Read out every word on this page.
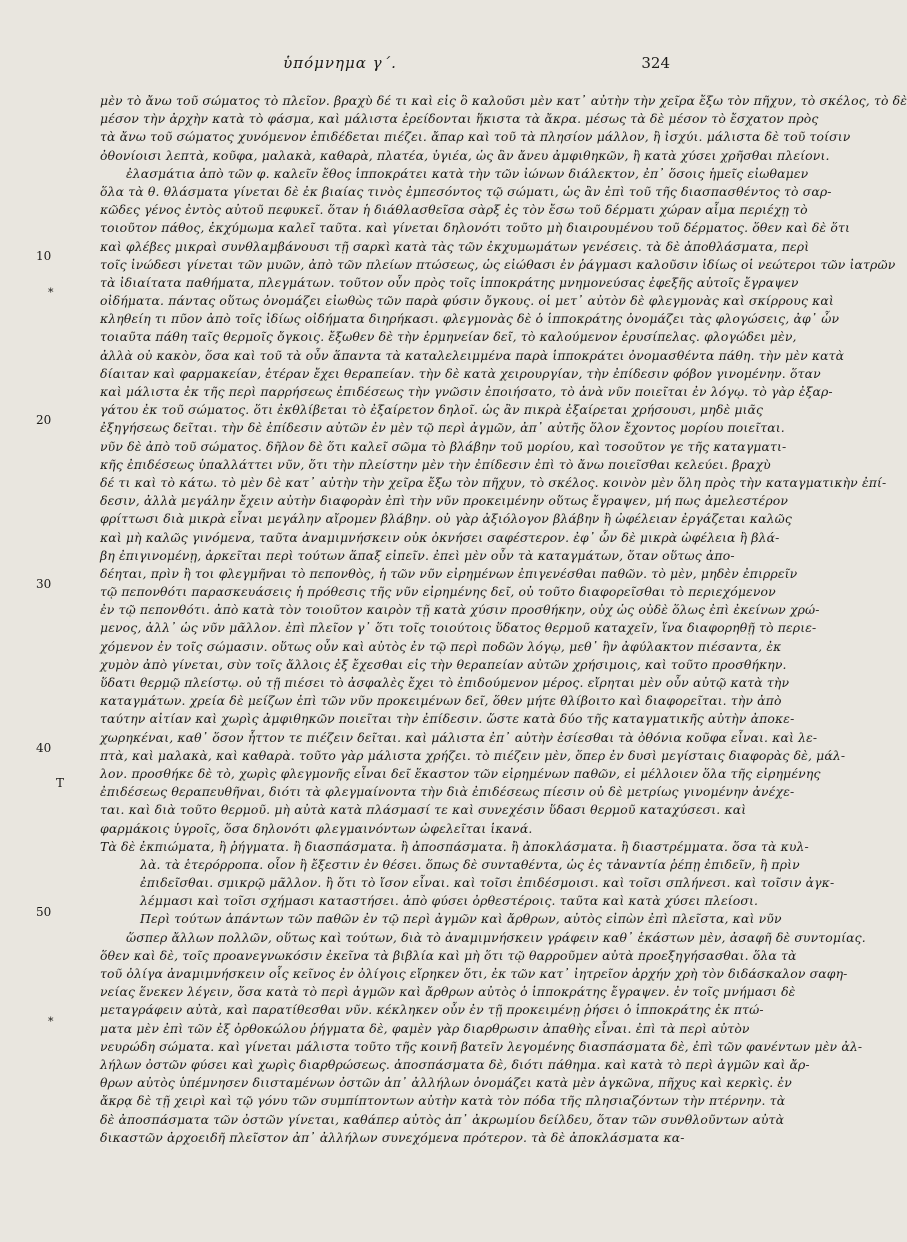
ὑπόμνημα γ΄.	324
10
20
30
40
50
*
T
*
μὲν τὸ ἄνω τοῦ σώματος τὸ πλεῖον. βραχὺ δέ τι καὶ εἰς ὃ καλοῦσι μὲν κατ᾽ αὐτὴν τὴν χεῖρα ἔξω τὸν πῆχυν, τὸ σκέλος, τὸ δὲ
μέσον τὴν ἀρχὴν κατὰ τὸ φάσμα, καὶ μάλιστα ἐρείδονται ἥκιστα τὰ ἄκρα. μέσως τὰ δὲ μέσον τὸ ἔσχατον πρὸς
τὰ ἄνω τοῦ σώματος χυνόμενον ἐπιδέδεται πιέζει. ἄπαρ καὶ τοῦ τὰ πλησίον μάλλον, ἢ ἰσχύι. μάλιστα δὲ τοῦ τοίσιν
ὀθονίοισι λεπτὰ, κοῦφα, μαλακὰ, καθαρὰ, πλατέα, ὑγιέα, ὡς ἂν ἄνευ ἀμφιθηκῶν, ἢ κατὰ χύσει χρῆσθαι πλείονι.
ἐλασμάτια ἀπὸ τῶν φ. καλεῖν ἔθος ἱπποκράτει κατὰ τὴν τῶν ἰώνων διάλεκτον, ἐπ᾽ ὅσοις ἡμεῖς εἰωθαμεν
ὅλα τὰ θ. θλάσματα γίνεται δὲ ἐκ βιαίας τινὸς ἐμπεσόντος τῷ σώματι, ὡς ἂν ἐπὶ τοῦ τῆς διασπασθέντος τὸ σαρ-
κῶδες γένος ἐντὸς αὐτοῦ πεφυκεῖ. ὅταν ἡ διάθλασθεῖσα σὰρξ ἐς τὸν ἔσω τοῦ δέρματι χώραν αἷμα περιέχῃ τὸ
τοιοῦτον πάθος, ἐκχύμωμα καλεῖ ταῦτα. καὶ γίνεται δηλονότι τοῦτο μὴ διαιρουμένου τοῦ δέρματος. ὅθεν καὶ δὲ ὅτι
καὶ φλέβες μικραὶ συνθλαμβάνουσι τῇ σαρκὶ κατὰ τὰς τῶν ἐκχυμωμάτων γενέσεις. τὰ δὲ ἀποθλάσματα, περὶ
τοῖς ἰνώδεσι γίνεται τῶν μυῶν, ἀπὸ τῶν πλείων πτώσεως, ὡς εἰώθασι ἐν ῥάγμασι καλοῦσιν ἰδίως οἱ νεώτεροι τῶν ἰατρῶν
τὰ ἰδιαίτατα παθήματα, πλεγμάτων. τοῦτον οὖν πρὸς τοῖς ἱπποκράτης μνημονεύσας ἐφεξῆς αὐτοῖς ἔγραψεν
οἰδήματα. πάντας οὕτως ὀνομάζει εἰωθὼς τῶν παρὰ φύσιν ὄγκους. οἱ μετ᾽ αὐτὸν δὲ φλεγμονὰς καὶ σκίρρους καὶ
κληθείη τι πῦον ἀπὸ τοῖς ἰδίως οἰδήματα διηρήκασι. φλεγμονὰς δὲ ὁ ἱπποκράτης ὀνομάζει τὰς φλογώσεις, ἀφ᾽ ὧν
τοιαῦτα πάθη ταῖς θερμοῖς ὄγκοις. ἔξωθεν δὲ τὴν ἑρμηνείαν δεῖ, τὸ καλούμενον ἐρυσίπελας. φλογώδει μὲν,
ἀλλὰ οὐ κακὸν, ὅσα καὶ τοῦ τὰ οὖν ἅπαντα τὰ καταλελειμμένα παρὰ ἱπποκράτει ὀνομασθέντα πάθη. τὴν μὲν κατὰ
δίαιταν καὶ φαρμακείαν, ἑτέραν ἔχει θεραπείαν. τὴν δὲ κατὰ χειρουργίαν, τὴν ἐπίδεσιν φόβον γινομένην. ὅταν
καὶ μάλιστα ἐκ τῆς περὶ παρρήσεως ἐπιδέσεως τὴν γνῶσιν ἐποιήσατο, τὸ ἀνὰ νῦν ποιεῖται ἐν λόγῳ. τὸ γὰρ ἐξαρ-
γάτου ἐκ τοῦ σώματος. ὅτι ἐκθλίβεται τὸ ἐξαίρετον δηλοῖ. ὡς ἂν πικρὰ ἐξαίρεται χρήσουσι, μηδὲ μιᾶς
ἐξηγήσεως δεῖται. τὴν δὲ ἐπίδεσιν αὐτῶν ἐν μὲν τῷ περὶ ἀγμῶν, ἀπ᾽ αὐτῆς ὅλον ἔχοντος μορίου ποιεῖται.
νῦν δὲ ἀπὸ τοῦ σώματος. δῆλον δὲ ὅτι καλεῖ σῶμα τὸ βλάβην τοῦ μορίου, καὶ τοσοῦτον γε τῆς καταγματι-
κῆς ἐπιδέσεως ὑπαλλάττει νῦν, ὅτι τὴν πλείστην μὲν τὴν ἐπίδεσιν ἐπὶ τὸ ἄνω ποιεῖσθαι κελεύει. βραχὺ
δέ τι καὶ τὸ κάτω. τὸ μὲν δὲ κατ᾽ αὐτὴν τὴν χεῖρα ἔξω τὸν πῆχυν, τὸ σκέλος. κοινὸν μὲν ὅλη πρὸς τὴν καταγματικὴν ἐπί-
δεσιν, ἀλλὰ μεγάλην ἔχειν αὐτὴν διαφορὰν ἐπὶ τὴν νῦν προκειμένην οὕτως ἔγραψεν, μή πως ἀμελεστέρον
φρίττωσι διὰ μικρὰ εἶναι μεγάλην αἴρομεν βλάβην. οὐ γὰρ ἀξιόλογον βλάβην ἢ ὠφέλειαν ἐργάζεται καλῶς
καὶ μὴ καλῶς γινόμενα, ταῦτα ἀναμιμνήσκειν οὐκ ὀκνήσει σαφέστερον. ἐφ᾽ ὧν δὲ μικρὰ ὠφέλεια ἢ βλά-
βη ἐπιγινομένῃ, ἀρκεῖται περὶ τούτων ἅπαξ εἰπεῖν. ἐπεὶ μὲν οὖν τὰ καταγμάτων, ὅταν οὕτως ἀπο-
δέηται, πρὶν ἢ τοι φλεγμῆναι τὸ πεπονθὸς, ἡ τῶν νῦν εἰρημένων ἐπιγενέσθαι παθῶν. τὸ μὲν, μηδὲν ἐπιρρεῖν
τῷ πεπονθότι παρασκευάσεις ἡ πρόθεσις τῆς νῦν εἰρημένης δεῖ, οὐ τοῦτο διαφορεῖσθαι τὸ περιεχόμενον
ἐν τῷ πεπονθότι. ἀπὸ κατὰ τὸν τοιοῦτον καιρὸν τῇ κατὰ χύσιν προσθήκην, οὐχ ὡς οὐδὲ ὅλως ἐπὶ ἐκείνων χρώ-
μενος, ἀλλ᾽ ὡς νῦν μᾶλλον. ἐπὶ πλεῖον γ᾽ ὅτι τοῖς τοιούτοις ὕδατος θερμοῦ καταχεῖν, ἵνα διαφορηθῇ τὸ περιε-
χόμενον ἐν τοῖς σώμασιν. οὕτως οὖν καὶ αὐτὸς ἐν τῷ περὶ ποδῶν λόγῳ, μεθ᾽ ἣν ἀφύλακτον πιέσαντα, ἐκ
χυμὸν ἀπὸ γίνεται, σὺν τοῖς ἄλλοις ἐξ ἔχεσθαι εἰς τὴν θεραπείαν αὐτῶν χρήσιμοις, καὶ τοῦτο προσθήκην.
ὕδατι θερμῷ πλείστῳ. οὐ τῇ πιέσει τὸ ἀσφαλὲς ἔχει τὸ ἐπιδούμενον μέρος. εἴρηται μὲν οὖν αὐτῷ κατὰ τὴν
καταγμάτων. χρεία δὲ μείζων ἐπὶ τῶν νῦν προκειμένων δεῖ, ὅθεν μήτε θλίβοιτο καὶ διαφορεῖται. τὴν ἀπὸ
ταύτην αἰτίαν καὶ χωρὶς ἀμφιθηκῶν ποιεῖται τὴν ἐπίδεσιν. ὥστε κατὰ δύο τῆς καταγματικῆς αὐτὴν ἀποκε-
χωρηκέναι, καθ᾽ ὅσον ἧττον τε πιέζειν δεῖται. καὶ μάλιστα ἐπ᾽ αὐτὴν ἐσίεσθαι τὰ ὀθόνια κοῦφα εἶναι. καὶ λε-
πτὰ, καὶ μαλακὰ, καὶ καθαρὰ. τοῦτο γὰρ μάλιστα χρήζει. τὸ πιέζειν μὲν, ὅπερ ἐν δυσὶ μεγίσταις διαφορὰς δὲ, μάλ-
λον. προσθήκε δὲ τὸ, χωρὶς φλεγμονῆς εἶναι δεῖ ἕκαστον τῶν εἰρημένων παθῶν, εἰ μέλλοιεν ὅλα τῆς εἰρημένης
ἐπιδέσεως θεραπευθῆναι, διότι τὰ φλεγμαίνοντα τὴν διὰ ἐπιδέσεως πίεσιν οὐ δὲ μετρίως γινομένην ἀνέχε-
ται. καὶ διὰ τοῦτο θερμοῦ. μὴ αὐτὰ κατὰ πλάσμασί τε καὶ συνεχέσιν ὕδασι θερμοῦ καταχύσεσι. καὶ
φαρμάκοις ὑγροῖς, ὅσα δηλονότι φλεγμαινόντων ὠφελεῖται ἱκανά.
Τὰ δὲ ἐκπιώματα, ἢ ῥήγματα. ἢ διασπάσματα. ἢ ἀποσπάσματα. ἢ ἀποκλάσματα. ἢ διαστρέμματα. ὅσα τὰ κυλ-
λὰ. τὰ ἑτερόρροπα. οἷον ἢ ἔξεστιν ἐν θέσει. ὅπως δὲ συνταθέντα, ὡς ἐς τἀναντία ῥέπῃ ἐπιδεῖν, ἢ πρὶν
ἐπιδεῖσθαι. σμικρῷ μᾶλλον. ἢ ὅτι τὸ ἴσον εἶναι. καὶ τοῖσι ἐπιδέσμοισι. καὶ τοῖσι σπλήνεσι. καὶ τοῖσιν ἀγκ-
λέμμασι καὶ τοῖσι σχήμασι καταστήσει. ἀπὸ φύσει ὀρθεστέροις. ταῦτα καὶ κατὰ χύσει πλείοσι.
Περὶ τούτων ἁπάντων τῶν παθῶν ἐν τῷ περὶ ἀγμῶν καὶ ἄρθρων, αὐτὸς εἰπὼν ἐπὶ πλεῖστα, καὶ νῦν
ὥσπερ ἄλλων πολλῶν, οὕτως καὶ τούτων, διὰ τὸ ἀναμιμνήσκειν γράφειν καθ᾽ ἑκάστων μὲν, ἀσαφῆ δὲ συντομίας.
ὅθεν καὶ δὲ, τοῖς προανεγνωκόσιν ἐκεῖνα τὰ βιβλία καὶ μὴ ὅτι τῷ θαρροῦμεν αὐτὰ προεξηγήσασθαι. ὅλα τὰ
τοῦ ὀλίγα ἀναμιμνήσκειν οἷς κεῖνος ἐν ὀλίγοις εἴρηκεν ὅτι, ἐκ τῶν κατ᾽ ἰητρεῖον ἀρχήν χρὴ τὸν διδάσκαλον σαφη-
νείας ἕνεκεν λέγειν, ὅσα κατὰ τὸ περὶ ἀγμῶν καὶ ἄρθρων αὐτὸς ὁ ἱπποκράτης ἔγραψεν. ἐν τοῖς μνήμασι δὲ
μεταγράφειν αὐτὰ, καὶ παρατίθεσθαι νῦν. κέκληκεν οὖν ἐν τῇ προκειμένῃ ῥήσει ὁ ἱπποκράτης ἐκ πτώ-
ματα μὲν ἐπὶ τῶν ἐξ ὀρθοκώλου ῥήγματα δὲ, φαμὲν γὰρ διαρθρωσιν ἀπαθὴς εἶναι. ἐπὶ τὰ περὶ αὐτὸν
νευρώδη σώματα. καὶ γίνεται μάλιστα τοῦτο τῆς κοινῆ βατεῖν λεγομένης διασπάσματα δὲ, ἐπὶ τῶν φανέντων μὲν ἀλ-
λήλων ὀστῶν φύσει καὶ χωρὶς διαρθρώσεως. ἀποσπάσματα δὲ, διότι πάθημα. καὶ κατὰ τὸ περὶ ἀγμῶν καὶ ἄρ-
θρων αὐτὸς ὑπέμνησεν διισταμένων ὀστῶν ἀπ᾽ ἀλλήλων ὀνομάζει κατὰ μὲν ἀγκῶνα, πῆχυς καὶ κερκὶς. ἐν
ἄκρᾳ δὲ τῇ χειρὶ καὶ τῷ γόνυ τῶν συμπίπτοντων αὐτὴν κατὰ τὸν πόδα τῆς πλησιαζόντων τὴν πτέρνην. τὰ
δὲ ἀποσπάσματα τῶν ὀστῶν γίνεται, καθάπερ αὐτὸς ἀπ᾽ ἀκρωμίου δείλδευ, ὅταν τῶν συνθλοῦντων αὐτὰ
δικαστῶν ἀρχοειδῆ πλεῖστον ἀπ᾽ ἀλλήλων συνεχόμενα πρότερον. τὰ δὲ ἀποκλάσματα κα-
